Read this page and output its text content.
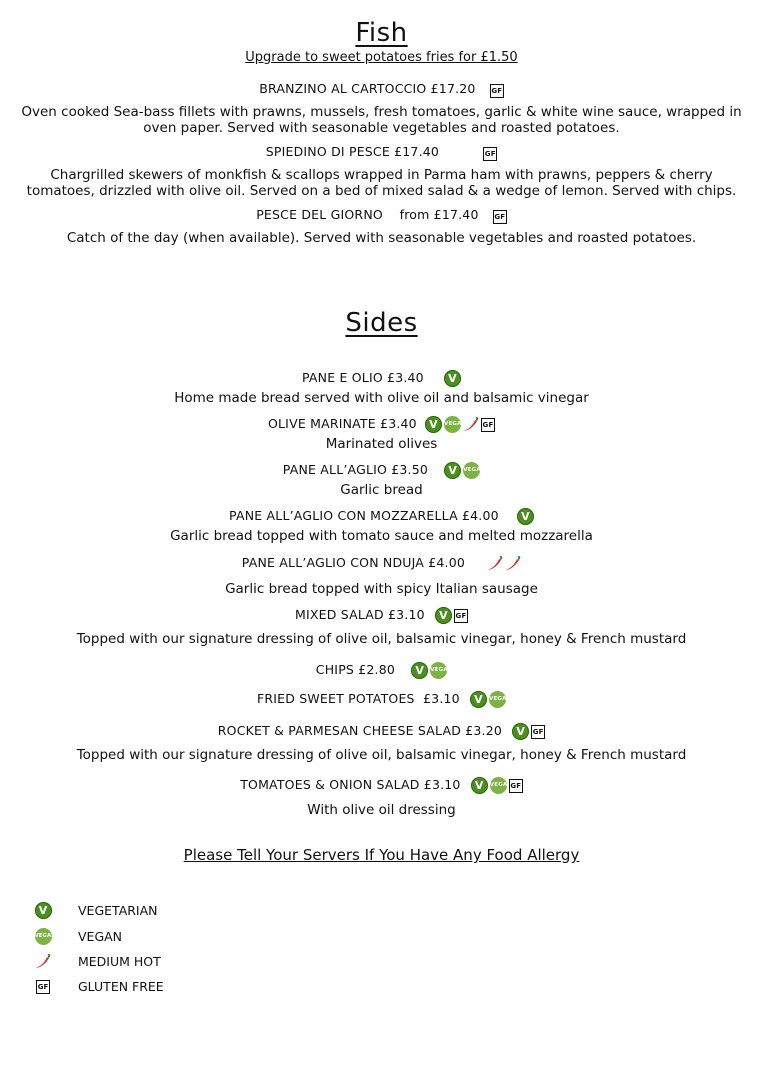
Fish
Upgrade to sweet potatoes fries for £1.50
BRANZINO AL CARTOCCIO £17.20 GF
Oven cooked Sea-bass fillets with prawns, mussels, fresh tomatoes, garlic & white wine sauce, wrapped in oven paper. Served with seasonable vegetables and roasted potatoes.
SPIEDINO DI PESCE £17.40	GF
Chargrilled skewers of monkfish & scallops wrapped in Parma ham with prawns, peppers & cherry tomatoes, drizzled with olive oil. Served on a bed of mixed salad & a wedge of lemon. Served with chips.
PESCE DEL GIORNO    from £17.40 GF
Catch of the day (when available). Served with seasonable vegetables and roasted potatoes.
Sides
PANE E OLIO £3.40	V
Home made bread served with olive oil and balsamic vinegar
OLIVE MARINATE £3.40	V	VEGAN GF
Marinated olives
PANE ALL’AGLIO £3.50	V	VEGAN
Garlic bread
PANE ALL’AGLIO CON MOZZARELLA £4.00	V
Garlic bread topped with tomato sauce and melted mozzarella
PANE ALL’AGLIO CON NDUJA £4.00
Garlic bread topped with spicy Italian sausage
MIXED SALAD £3.10	V	GF
Topped with our signature dressing of olive oil, balsamic vinegar, honey & French mustard
CHIPS £2.80	V	VEGAN
FRIED SWEET POTATOES  £3.10	V	VEGAN
ROCKET & PARMESAN CHEESE SALAD £3.20	V	GF
Topped with our signature dressing of olive oil, balsamic vinegar, honey & French mustard
TOMATOES & ONION SALAD £3.10	V	VEGAN
GF
With olive oil dressing
Please Tell Your Servers If You Have Any Food Allergy
V	VEGETARIAN
VEGAN VEGAN
MEDIUM HOT
GF GLUTEN FREE
